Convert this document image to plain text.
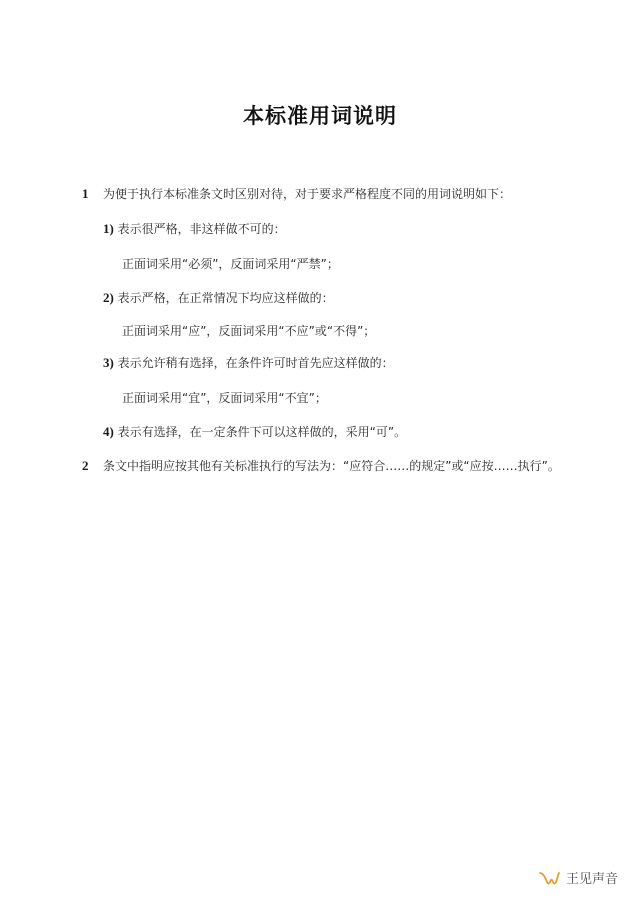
本标准用词说明
1 为便于执行本标准条文时区别对待，对于要求严格程度不同的用词说明如下：
1) 表示很严格，非这样做不可的：
正面词采用“必须”，反面词采用“严禁”；
2) 表示严格，在正常情况下均应这样做的：
正面词采用“应”，反面词采用“不应”或“不得”；
3) 表示允许稍有选择，在条件许可时首先应这样做的：
正面词采用“宜”，反面词采用“不宜”；
4) 表示有选择，在一定条件下可以这样做的，采用“可”。
2 条文中指明应按其他有关标准执行的写法为：“应符合……的规定”或“应按……执行”。
王见声音
